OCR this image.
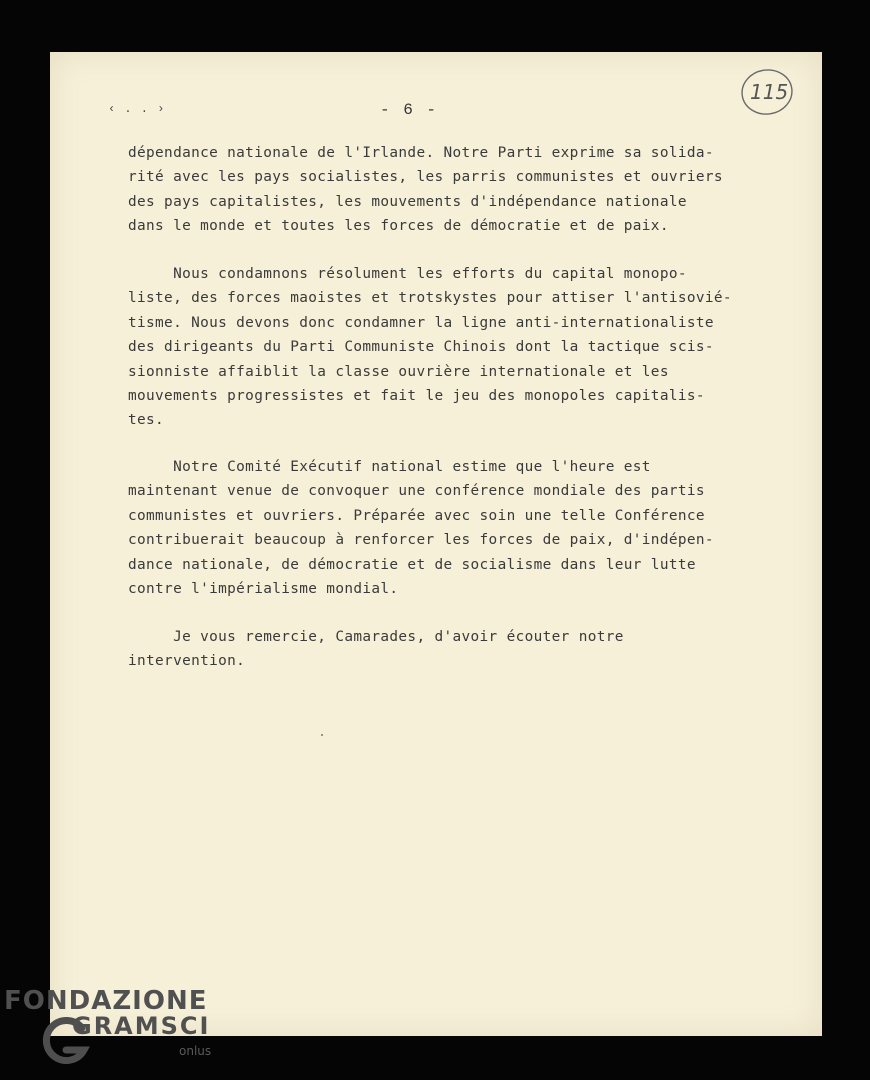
‹ . . ›	- 6 -
115
dépendance nationale de l'Irlande. Notre Parti exprime sa solida-
rité avec les pays socialistes, les parris communistes et ouvriers
des pays capitalistes, les mouvements d'indépendance nationale
dans le monde et toutes les forces de démocratie et de paix.
Nous condamnons résolument les efforts du capital monopo-
liste, des forces maoistes et trotskystes pour attiser l'antisovié-
tisme. Nous devons donc condamner la ligne anti-internationaliste
des dirigeants du Parti Communiste Chinois dont la tactique scis-
sionniste affaiblit la classe ouvrière internationale et les
mouvements progressistes et fait le jeu des monopoles capitalis-
tes.
Notre Comité Exécutif national estime que l'heure est
maintenant venue de convoquer une conférence mondiale des partis
communistes et ouvriers. Préparée avec soin une telle Conférence
contribuerait beaucoup à renforcer les forces de paix, d'indépen-
dance nationale, de démocratie et de socialisme dans leur lutte
contre l'impérialisme mondial.
Je vous remercie, Camarades, d'avoir écouter notre
intervention.
FONDAZIONE
GRAMSCI
onlus
